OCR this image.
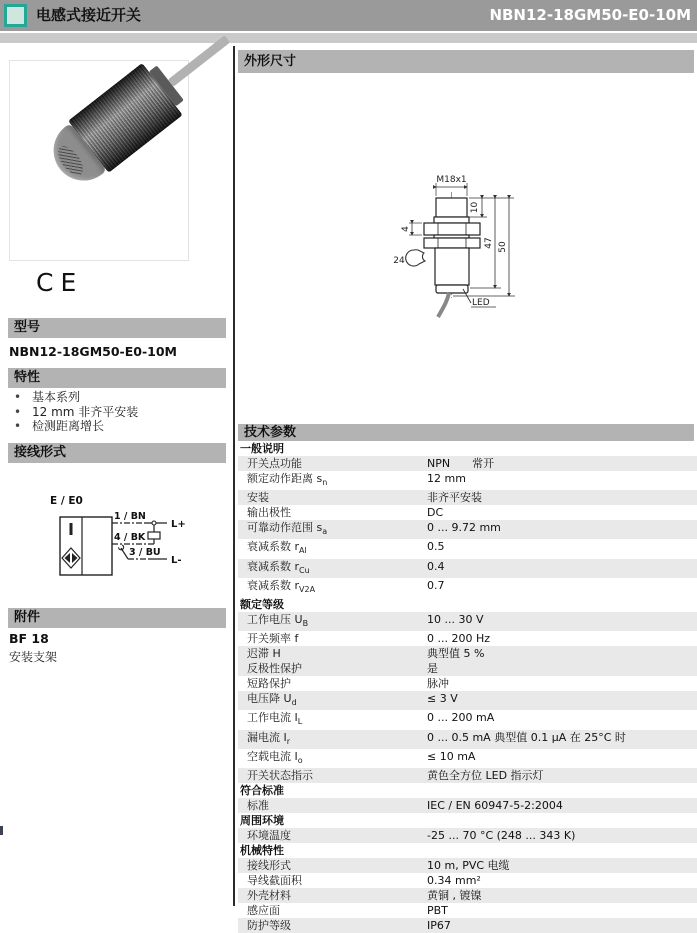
电感式接近开关	NBN12-18GM50-E0-10M
CE
型号
NBN12-18GM50-E0-10M
特性
• 基本系列
• 12 mm 非齐平安装
• 检测距离增长
接线形式
E / E0
1 / BN
L+
4 / BK
3 / BU
L-
附件
BF 18
安装支架
外形尺寸
LED
M18x1
10
47 50
4
24
技术参数
一般说明
开关点功能	NPN 常开
额定动作距离 $s_n$	12 mm
安装	非齐平安装
输出极性	DC
可靠动作范围 $s_a$	0 ... 9.72 mm
衰减系数 $r_{Al}$	0.5
衰减系数 $r_{Cu}$	0.4
衰减系数 $r_{V2A}$	0.7
额定等级
工作电压 $U_B$	10 ... 30 V
开关频率 f	0 ... 200 Hz
迟滞 H	典型值 5 %
反极性保护	是
短路保护	脉冲
电压降 $U_d$	≤ 3 V
工作电流 $I_L$	0 ... 200 mA
漏电流 $I_r$	0 ... 0.5 mA 典型值 0.1 μA 在 25°C 时
空载电流 $I_o$	≤ 10 mA
开关状态指示	黄色全方位 LED 指示灯
符合标准
标准	IEC / EN 60947-5-2:2004
周围环境
环境温度	-25 ... 70 °C (248 ... 343 K)
机械特性
接线形式	10 m, PVC 电缆
导线截面积	0.34 mm²
外壳材料	黄铜 , 镀镍
感应面	PBT
防护等级	IP67
